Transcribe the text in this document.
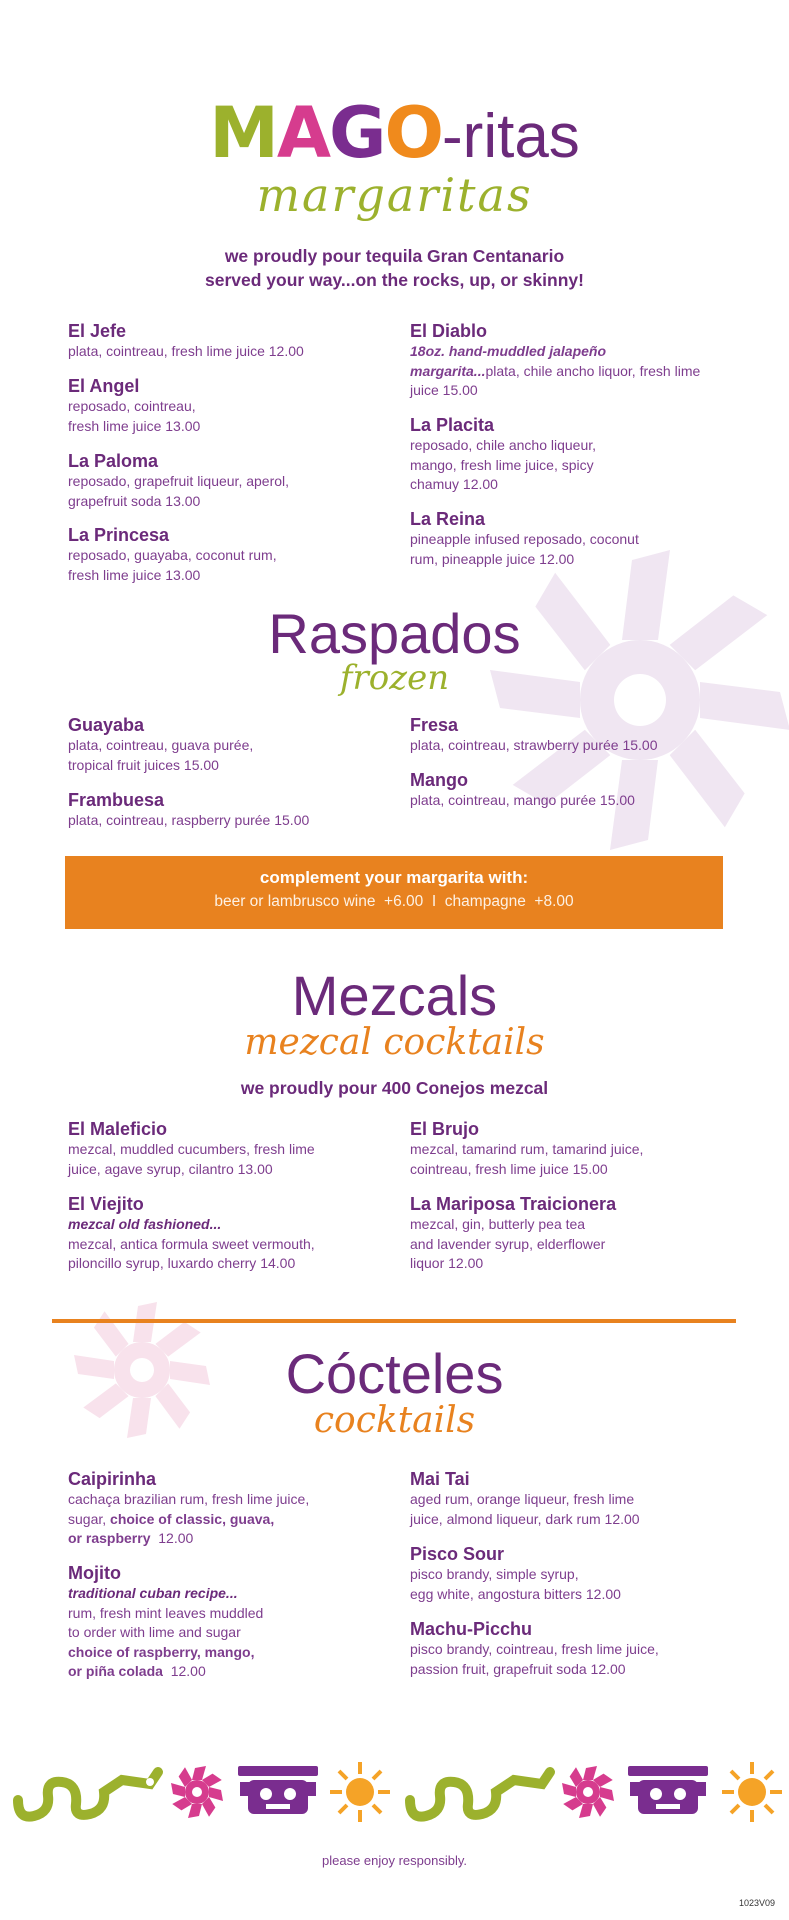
MAGO-ritas
margaritas
we proudly pour tequila Gran Centanario
served your way...on the rocks, up, or skinny!
El Jefe
plata, cointreau, fresh lime juice 12.00
El Angel
reposado, cointreau,
fresh lime juice 13.00
La Paloma
reposado, grapefruit liqueur, aperol,
grapefruit soda 13.00
La Princesa
reposado, guayaba, coconut rum,
fresh lime juice 13.00
El Diablo
18oz. hand-muddled jalapeño margarita...plata, chile ancho liquor, fresh lime juice 15.00
La Placita
reposado, chile ancho liqueur,
mango, fresh lime juice, spicy
chamuy 12.00
La Reina
pineapple infused reposado, coconut
rum, pineapple juice 12.00
Raspados
frozen
Guayaba
plata, cointreau, guava purée,
tropical fruit juices 15.00
Frambuesa
plata, cointreau, raspberry purée 15.00
Fresa
plata, cointreau, strawberry purée 15.00
Mango
plata, cointreau, mango purée 15.00
complement your margarita with:
beer or lambrusco wine  +6.00  I  champagne  +8.00
Mezcals
mezcal cocktails
we proudly pour 400 Conejos mezcal
El Maleficio
mezcal, muddled cucumbers, fresh lime
juice, agave syrup, cilantro 13.00
El Viejito
mezcal old fashioned...
mezcal, antica formula sweet vermouth,
piloncillo syrup, luxardo cherry 14.00
El Brujo
mezcal, tamarind rum, tamarind juice,
cointreau, fresh lime juice 15.00
La Mariposa Traicionera
mezcal, gin, butterly pea tea
and lavender syrup, elderflower
liquor 12.00
Cócteles
cocktails
Caipirinha
cachaça brazilian rum, fresh lime juice,
sugar, choice of classic, guava,
or raspberry  12.00
Mojito
traditional cuban recipe...
rum, fresh mint leaves muddled
to order with lime and sugar
choice of raspberry, mango,
or piña colada  12.00
Mai Tai
aged rum, orange liqueur, fresh lime
juice, almond liqueur, dark rum 12.00
Pisco Sour
pisco brandy, simple syrup,
egg white, angostura bitters 12.00
Machu-Picchu
pisco brandy, cointreau, fresh lime juice,
passion fruit, grapefruit soda 12.00
please enjoy responsibly.
1023V09
